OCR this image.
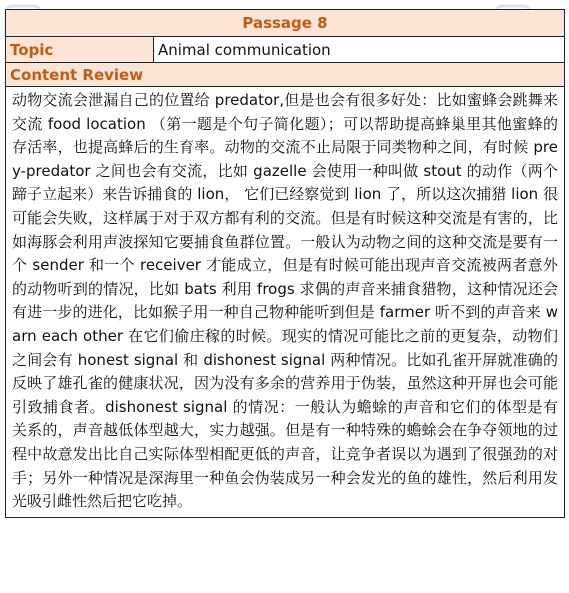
Passage 8
Topic	Animal communication
Content Review

动物交流会泄漏自己的位置给 predator,但是也会有很多好处：比如蜜蜂会跳舞来交流 food location （第一题是个句子简化题）；可以帮助提高蜂巢里其他蜜蜂的存活率，也提高蜂后的生育率。动物的交流不止局限于同类物种之间，有时候 prey-predator 之间也会有交流，比如 gazelle 会使用一种叫做 stout 的动作（两个蹄子立起来）来告诉捕食的 lion， 它们已经察觉到 lion 了，所以这次捕猎 lion 很可能会失败，这样属于对于双方都有利的交流。但是有时候这种交流是有害的，比如海豚会利用声波探知它要捕食鱼群位置。一般认为动物之间的这种交流是要有一个 sender 和一个 receiver 才能成立，但是有时候可能出现声音交流被两者意外的动物听到的情况，比如 bats 利用 frogs 求偶的声音来捕食猎物，这种情况还会有进一步的进化，比如猴子用一种自己物种能听到但是 farmer 听不到的声音来 warn each other 在它们偷庄稼的时候。现实的情况可能比之前的更复杂，动物们之间会有 honest signal 和 dishonest signal 两种情况。比如孔雀开屏就准确的反映了雄孔雀的健康状况，因为没有多余的营养用于伪装，虽然这种开屏也会可能引致捕食者。dishonest signal 的情况：一般认为蟾蜍的声音和它们的体型是有关系的，声音越低体型越大，实力越强。但是有一种特殊的蟾蜍会在争夺领地的过程中故意发出比自己实际体型相配更低的声音，让竞争者误以为遇到了很强劲的对手；另外一种情况是深海里一种鱼会伪装成另一种会发光的鱼的雄性，然后利用发光吸引雌性然后把它吃掉。
